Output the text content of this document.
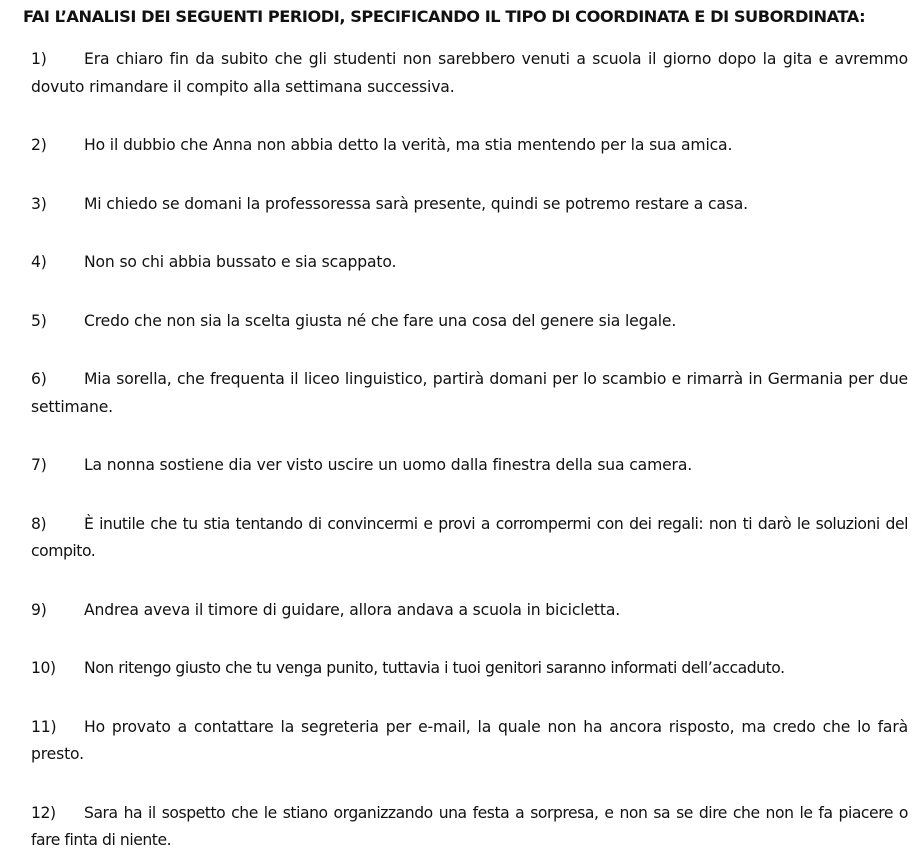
FAI L’ANALISI DEI SEGUENTI PERIODI, SPECIFICANDO IL TIPO DI COORDINATA E DI SUBORDINATA:
1) Era chiaro fin da subito che gli studenti non sarebbero venuti a scuola il giorno dopo la gita e avremmo dovuto rimandare il compito alla settimana successiva.
2) Ho il dubbio che Anna non abbia detto la verità, ma stia mentendo per la sua amica.
3) Mi chiedo se domani la professoressa sarà presente, quindi se potremo restare a casa.
4) Non so chi abbia bussato e sia scappato.
5) Credo che non sia la scelta giusta né che fare una cosa del genere sia legale.
6) Mia sorella, che frequenta il liceo linguistico, partirà domani per lo scambio e rimarrà in Germania per due settimane.
7) La nonna sostiene dia ver visto uscire un uomo dalla finestra della sua camera.
8) È inutile che tu stia tentando di convincermi e provi a corrompermi con dei regali: non ti darò le soluzioni del compito.
9) Andrea aveva il timore di guidare, allora andava a scuola in bicicletta.
10) Non ritengo giusto che tu venga punito, tuttavia i tuoi genitori saranno informati dell’accaduto.
11) Ho provato a contattare la segreteria per e-mail, la quale non ha ancora risposto, ma credo che lo farà presto.
12) Sara ha il sospetto che le stiano organizzando una festa a sorpresa, e non sa se dire che non le fa piacere o fare finta di niente.
